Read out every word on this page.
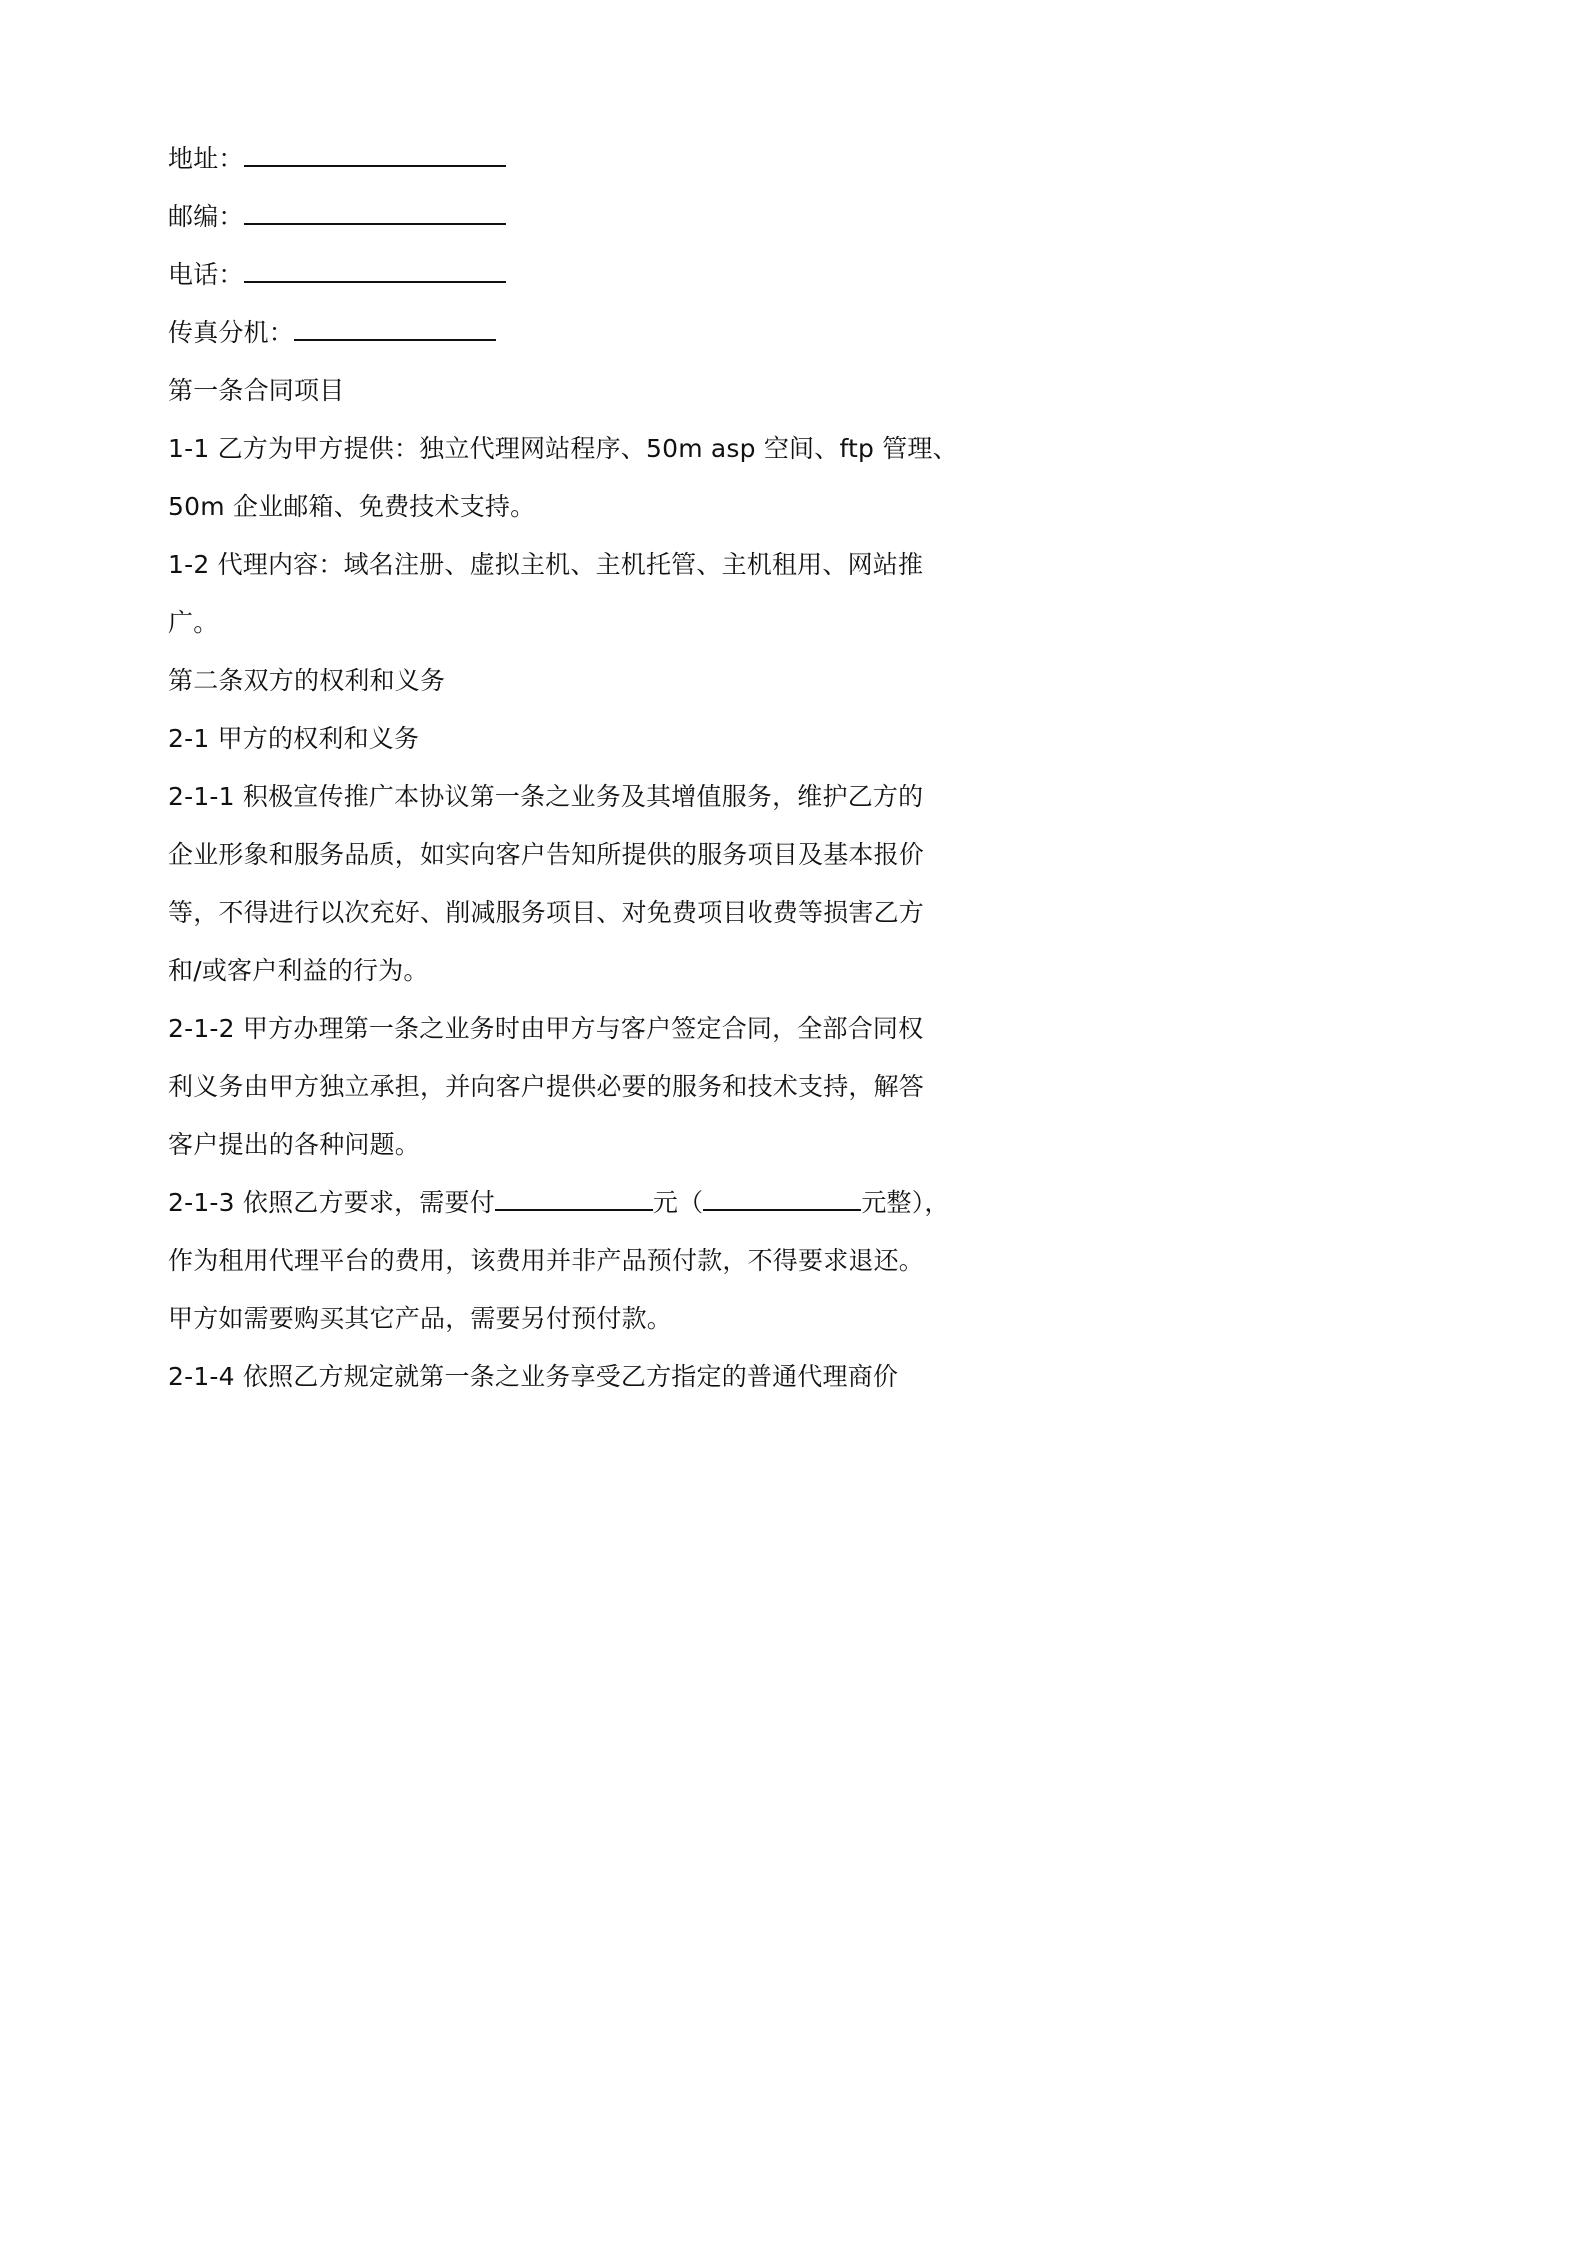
地址：
邮编：
电话：
传真分机：
第一条合同项目
1-1 乙方为甲方提供：独立代理网站程序、50m asp 空间、ftp 管理、
50m 企业邮箱、免费技术支持。
1-2 代理内容：域名注册、虚拟主机、主机托管、主机租用、网站推
广。
第二条双方的权利和义务
2-1 甲方的权利和义务
2-1-1 积极宣传推广本协议第一条之业务及其增值服务，维护乙方的
企业形象和服务品质，如实向客户告知所提供的服务项目及基本报价
等，不得进行以次充好、削减服务项目、对免费项目收费等损害乙方
和/或客户利益的行为。
2-1-2 甲方办理第一条之业务时由甲方与客户签定合同，全部合同权
利义务由甲方独立承担，并向客户提供必要的服务和技术支持，解答
客户提出的各种问题。
2-1-3 依照乙方要求，需要付	元（	元整），
作为租用代理平台的费用，该费用并非产品预付款，不得要求退还。
甲方如需要购买其它产品，需要另付预付款。
2-1-4 依照乙方规定就第一条之业务享受乙方指定的普通代理商价
